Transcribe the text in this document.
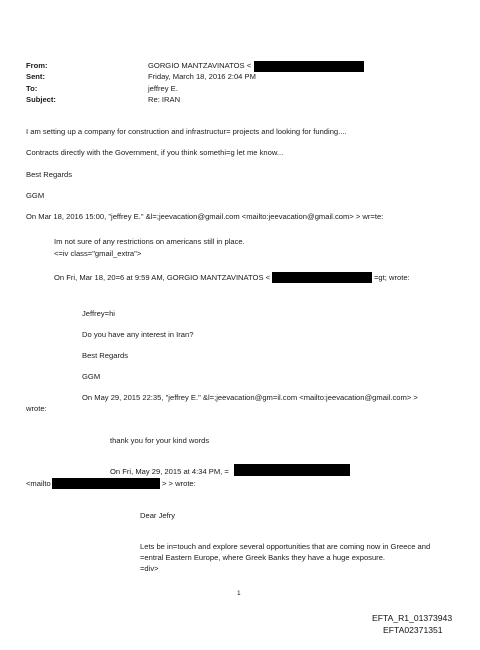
From:	GORGIO MANTZAVINATOS <
Sent:	Friday, March 18, 2016 2:04 PM
To:	jeffrey E.
Subject:	Re: IRAN
I am setting up a company for construction and infrastructur= projects and looking for funding....
Contracts directly with the Government, if you think somethi=g let me know...
Best Regards
GGM
On Mar 18, 2016 15:00, "jeffrey E." &l=;jeevacation@gmail.com <mailto:jeevacation@gmail.com> > wr=te:
Im not sure of any restrictions on americans still in place.
<=iv class="gmail_extra">
On Fri, Mar 18, 20=6 at 9:59 AM, GORGIO MANTZAVINATOS <	=gt; wrote:
Jeffrey=hi
Do you have any interest in Iran?
Best Regards
GGM
On May 29, 2015 22:35, "jeffrey E." &l=;jeevacation@gm=il.com <mailto:jeevacation@gmail.com> >
wrote:
thank you for your kind words
On Fri, May 29, 2015 at 4:34 PM, =
<mailto	> > wrote:
Dear Jefry
Lets be in=touch and explore several opportunities that are coming now in Greece and
=entral Eastern Europe, where Greek Banks they have a huge exposure.
=div>
1
EFTA_R1_01373943
EFTA02371351
